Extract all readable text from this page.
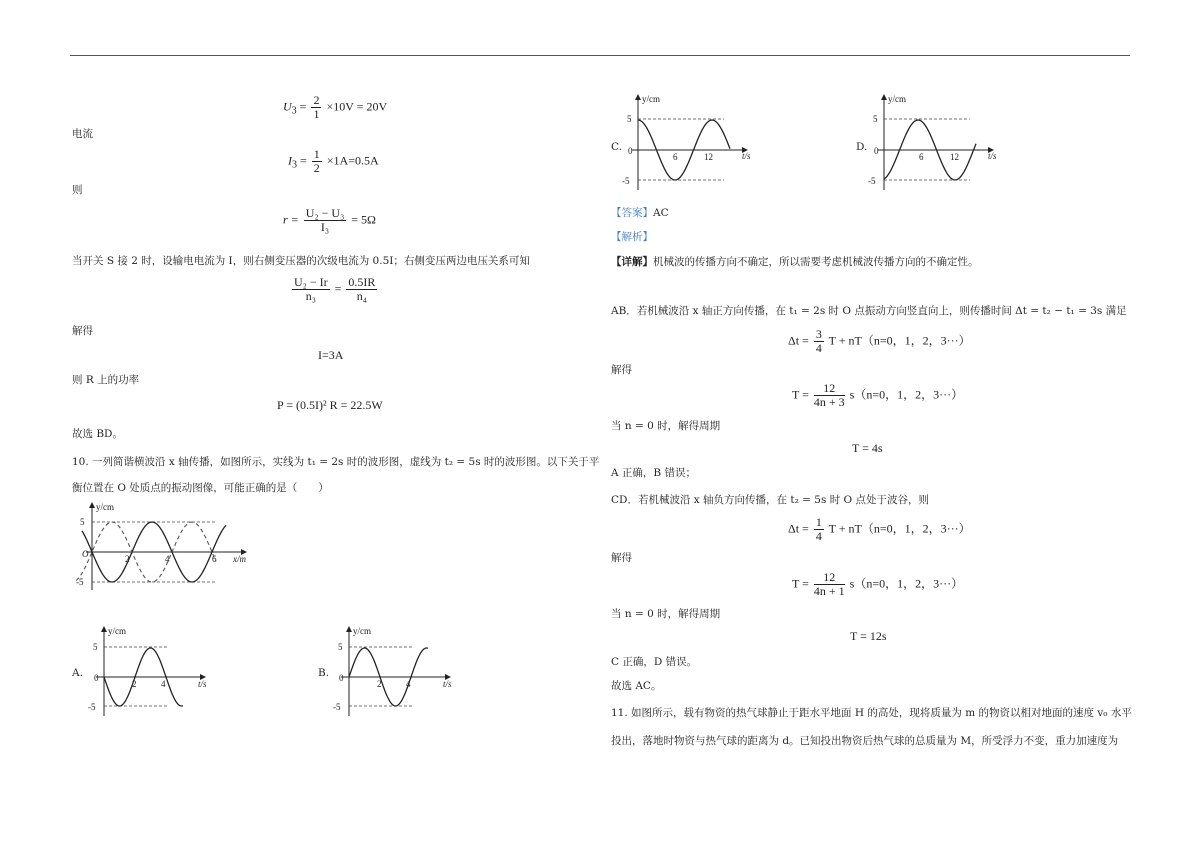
$U_3 = \frac{2}{1} \times 10V = 20V$
电流
$I_3 = \frac{1}{2} \times 1A=0.5A$
则
$r = \frac{\text{U₂ − U₃}}{\text{I₃}} = 5\Omega$
当开关 S 接 2 时，设输电电流为 I，则右侧变压器的次级电流为 0.5I；右侧变压两边电压关系可知
$\frac{\text{U₂ − Ir}}{\text{n₃}} = \frac{0.5IR}{\text{n₄}}$
解得
I=3A
则 R 上的功率
P = (0.5I)² R = 22.5W
故选 BD。
10. 一列简谐横波沿 x 轴传播，如图所示，实线为 t₁ = 2s 时的波形图，虚线为 t₂ = 5s 时的波形图。以下关于平
衡位置在 O 处质点的振动图像，可能正确的是（　　）
y/cm
5
-5
O	2	4	6 x/m
A.
y/cm
5
0
-5
2	4	t/s
B.
y/cm
5
0
-5
2	4	t/s
C.
y/cm
5
0
-5
6	12	t/s
D.
y/cm
5
0
-5
6	12	t/s
【答案】AC
【解析】
【详解】机械波的传播方向不确定，所以需要考虑机械波传播方向的不确定性。
AB．若机械波沿 x 轴正方向传播，在 t₁ = 2s 时 O 点振动方向竖直向上，则传播时间 Δt = t₂ − t₁ = 3s 满足
$\Delta t = \frac{3}{4}$ T + nT（n=0，1，2，3···）
解得
$T = \frac{12}{4n + 3} s(n=0$，1，2，3···）
当 n = 0 时，解得周期
T = 4s
A 正确，B 错误；
CD．若机械波沿 x 轴负方向传播，在 t₂ = 5s 时 O 点处于波谷，则
$\Delta t = \frac{1}{4}$ T + nT（n=0，1，2，3···）
解得
$T = \frac{12}{4n + 1} s(n=0$，1，2，3···）
当 n = 0 时，解得周期
T = 12s
C 正确，D 错误。
故选 AC。
11. 如图所示，载有物资的热气球静止于距水平地面 H 的高处，现将质量为 m 的物资以相对地面的速度 v₀ 水平
投出，落地时物资与热气球的距离为 d。已知投出物资后热气球的总质量为 M，所受浮力不变，重力加速度为
